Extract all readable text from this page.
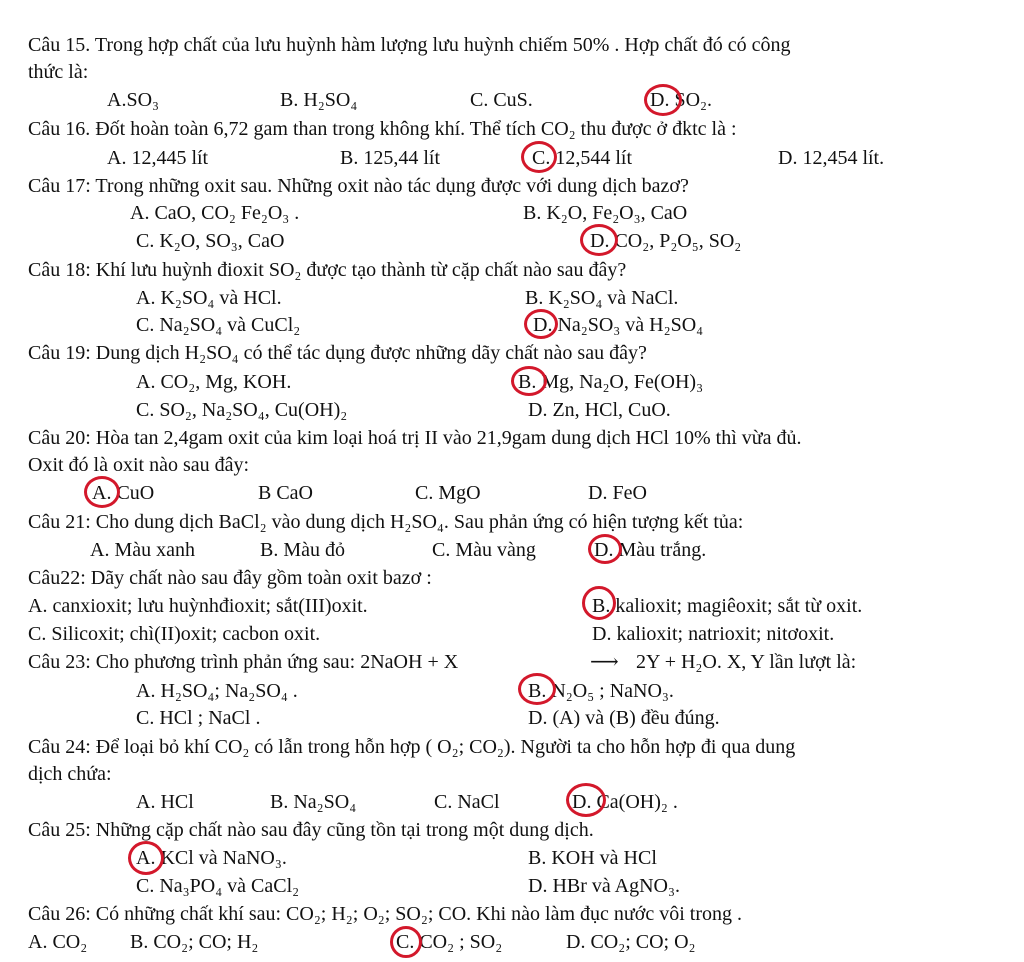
Câu 15. Trong hợp chất của lưu huỳnh hàm lượng lưu huỳnh chiếm 50% . Hợp chất đó có công
thức là:
A.SO₃	B. H₂SO₄	C. CuS.	D. SO₂.
Câu 16. Đốt hoàn toàn 6,72 gam than trong không khí. Thể tích CO₂ thu được ở đktc là :
A. 12,445 lít	B. 125,44 lít	C. 12,544 lít	D. 12,454 lít.
Câu 17: Trong những oxit sau. Những oxit nào tác dụng được với dung dịch bazơ?
A. CaO, CO₂ Fe₂O₃ .	B. K₂O, Fe₂O₃, CaO
C. K₂O, SO₃, CaO	D. CO₂, P₂O₅, SO₂
Câu 18: Khí lưu huỳnh đioxit SO₂ được tạo thành từ cặp chất nào sau đây?
A. K₂SO₄ và HCl.	B. K₂SO₄ và NaCl.
C. Na₂SO₄ và CuCl₂	D. Na₂SO₃ và H₂SO₄
Câu 19: Dung dịch H₂SO₄ có thể tác dụng được những dãy chất nào sau đây?
A. CO₂, Mg, KOH.	B. Mg, Na₂O, Fe(OH)₃
C. SO₂, Na₂SO₄, Cu(OH)₂	D. Zn, HCl, CuO.
Câu 20: Hòa tan 2,4gam oxit của kim loại hoá trị II vào 21,9gam dung dịch HCl 10% thì vừa đủ.
Oxit đó là oxit nào sau đây:
A. CuO	B CaO	C. MgO	D. FeO
Câu 21: Cho dung dịch BaCl₂ vào dung dịch H₂SO₄. Sau phản ứng có hiện tượng kết tủa:
A. Màu xanh	B. Màu đỏ	C. Màu vàng	D. Màu trắng.
Câu22: Dãy chất nào sau đây gồm toàn oxit bazơ :
A. canxioxit; lưu huỳnhđioxit; sắt(III)oxit.	B. kalioxit; magiêoxit; sắt từ oxit.
C. Silicoxit; chì(II)oxit; cacbon oxit.	D. kalioxit; natrioxit; nitơoxit.
Câu 23: Cho phương trình phản ứng sau: 2NaOH + X	⟶ 2Y + H₂O. X, Y lần lượt là:
A. H₂SO₄; Na₂SO₄ .	B. N₂O₅ ; NaNO₃.
C. HCl ; NaCl .	D. (A) và (B) đều đúng.
Câu 24: Để loại bỏ khí CO₂ có lẫn trong hỗn hợp ( O₂; CO₂). Người ta cho hỗn hợp đi qua dung
dịch chứa:
A. HCl	B. Na₂SO₄	C. NaCl	D. Ca(OH)₂ .
Câu 25: Những cặp chất nào sau đây cũng tồn tại trong một dung dịch.
A. KCl và NaNO₃.	B. KOH và HCl
C. Na₃PO₄ và CaCl₂	D. HBr và AgNO₃.
Câu 26: Có những chất khí sau: CO₂; H₂; O₂; SO₂; CO. Khi nào làm đục nước vôi trong .
A. CO₂ B. CO₂; CO; H₂	C. CO₂ ; SO₂	D. CO₂; CO; O₂
